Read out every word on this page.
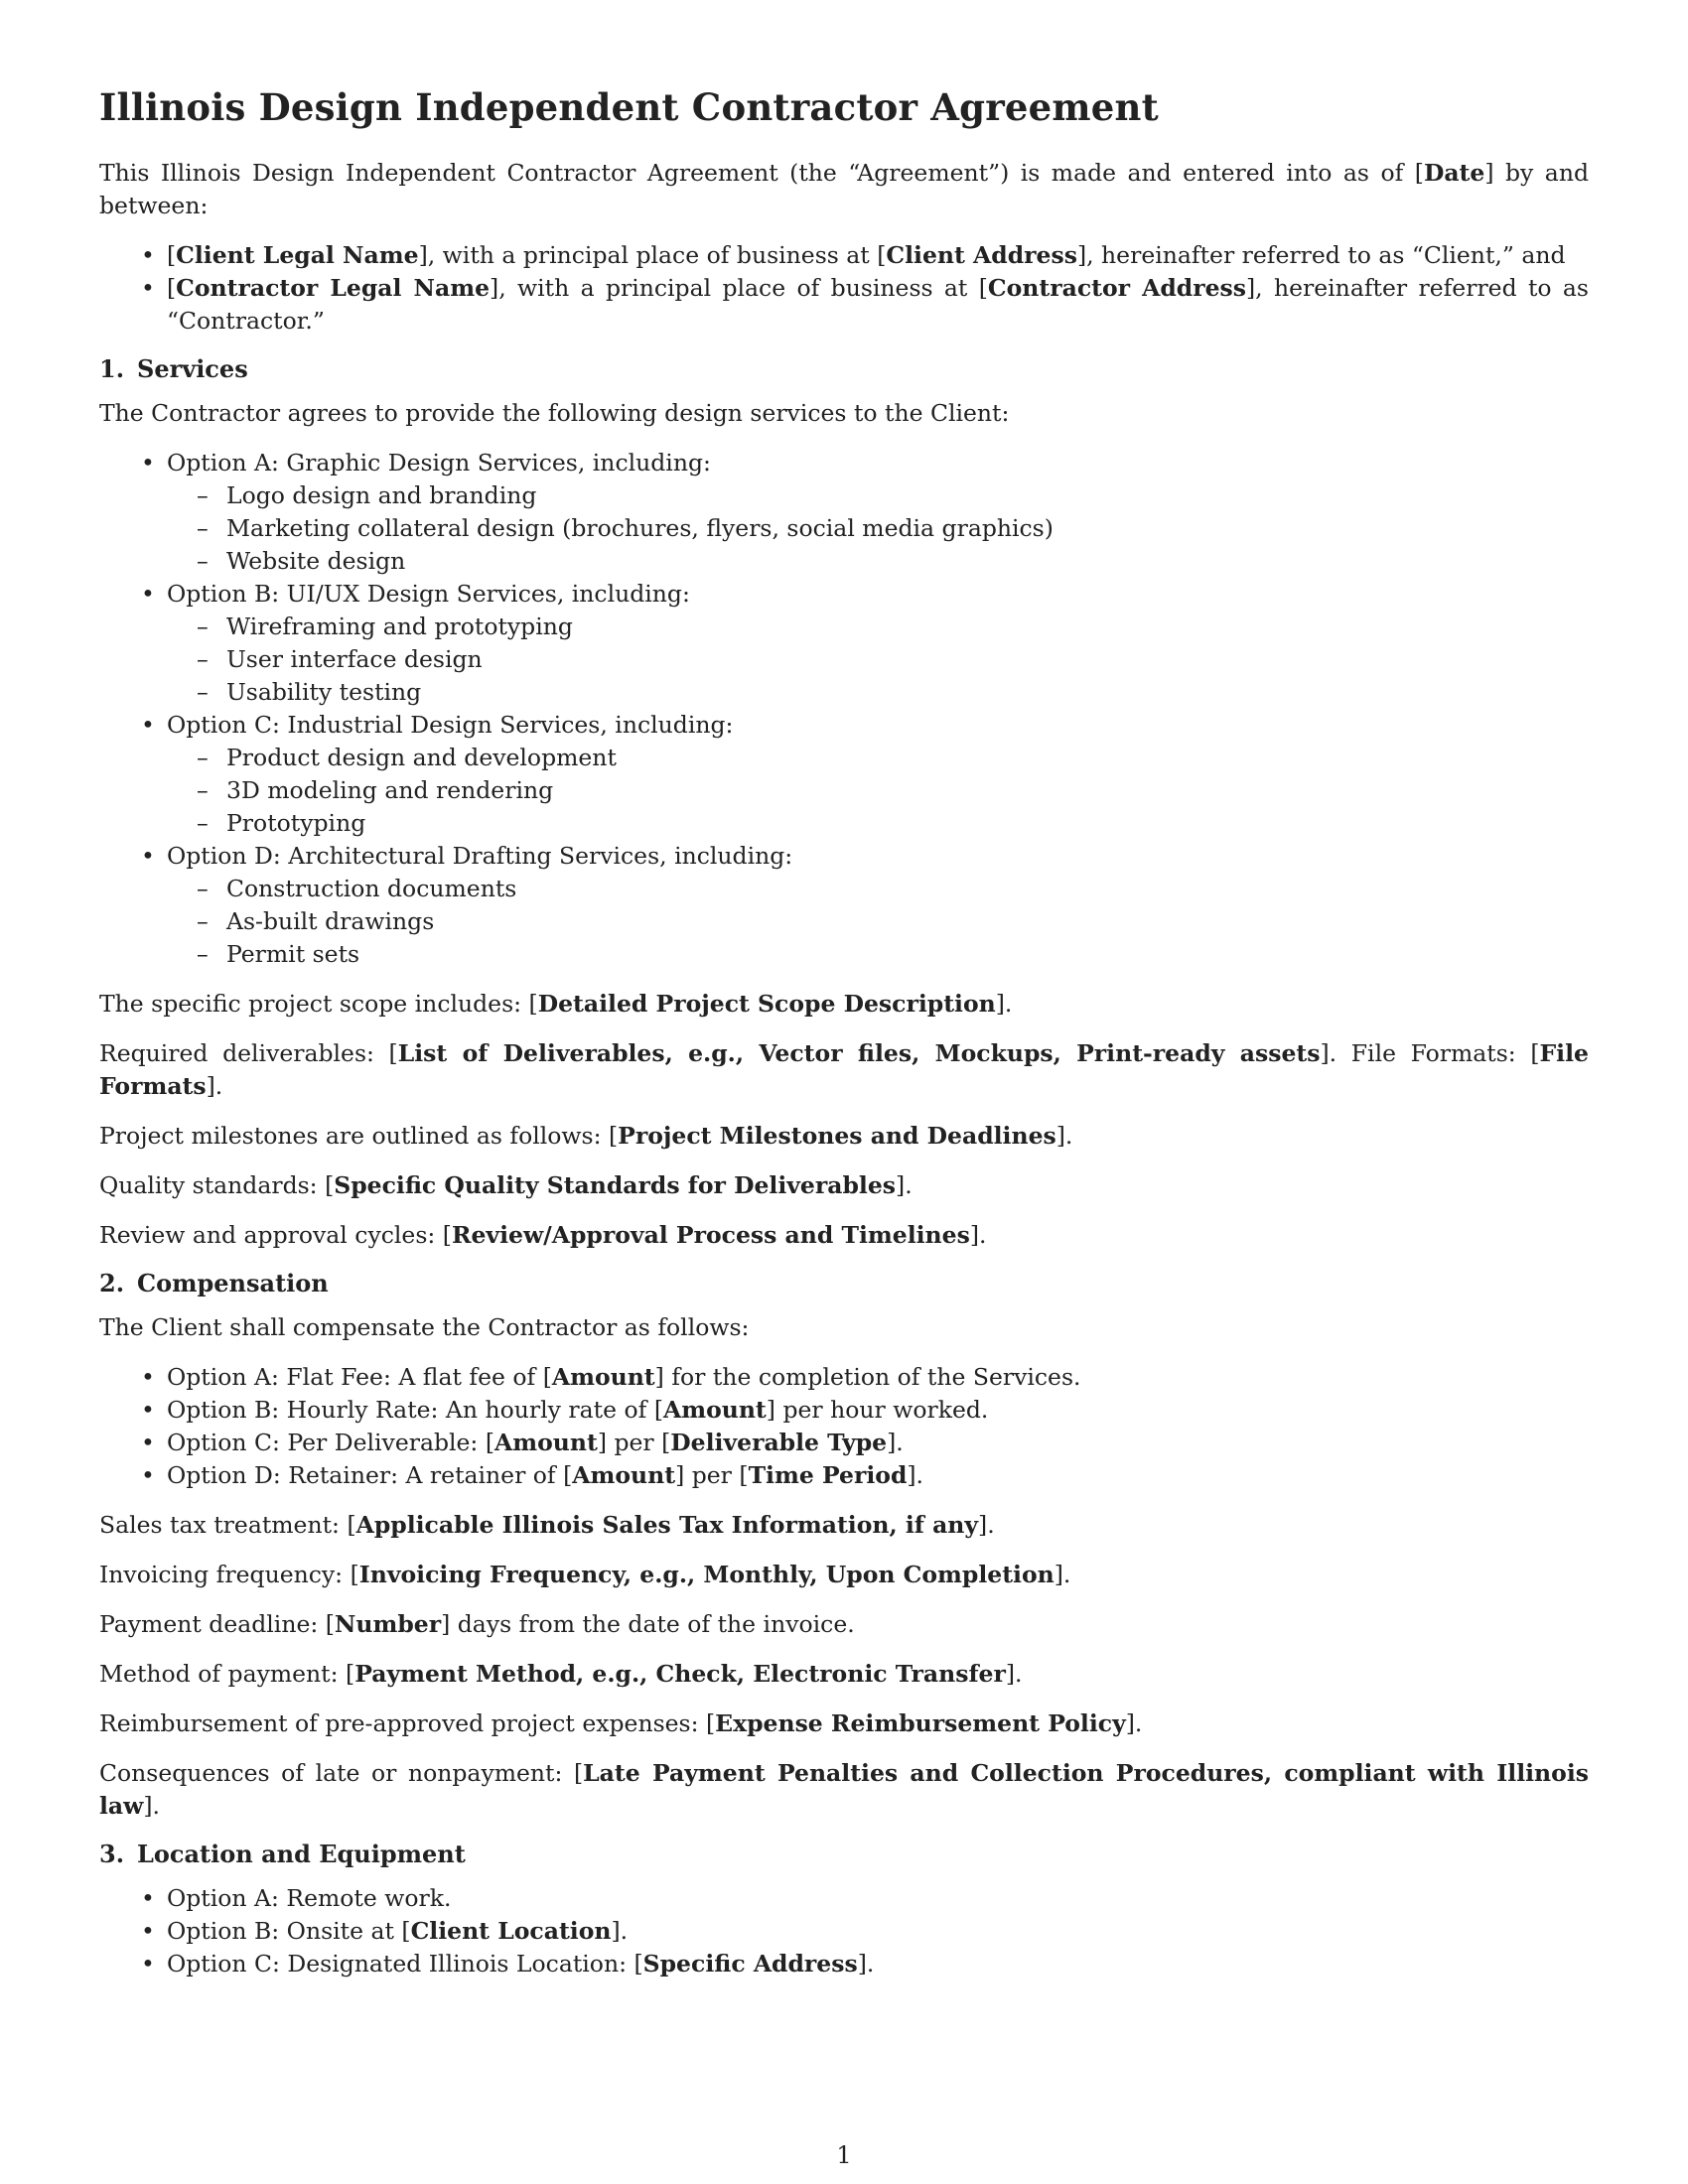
Illinois Design Independent Contractor Agreement

This Illinois Design Independent Contractor Agreement (the “Agreement”) is made and entered into as of [Date] by and between:

• [Client Legal Name], with a principal place of business at [Client Address], hereinafter referred to as “Client,” and
• [Contractor Legal Name], with a principal place of business at [Contractor Address], hereinafter referred to as “Contractor.”
1. Services

The Contractor agrees to provide the following design services to the Client:

• Option A: Graphic Design Services, including:
– Logo design and branding
– Marketing collateral design (brochures, flyers, social media graphics)
– Website design
• Option B: UI/UX Design Services, including:
– Wireframing and prototyping
– User interface design
– Usability testing
• Option C: Industrial Design Services, including:
– Product design and development
– 3D modeling and rendering
– Prototyping
• Option D: Architectural Drafting Services, including:
– Construction documents
– As-built drawings
– Permit sets

The specific project scope includes: [Detailed Project Scope Description].

Required deliverables: [List of Deliverables, e.g., Vector files, Mockups, Print-ready assets]. File Formats: [File Formats].

Project milestones are outlined as follows: [Project Milestones and Deadlines].

Quality standards: [Specific Quality Standards for Deliverables].

Review and approval cycles: [Review/Approval Process and Timelines].

2. Compensation

The Client shall compensate the Contractor as follows:

• Option A: Flat Fee: A flat fee of [Amount] for the completion of the Services.
• Option B: Hourly Rate: An hourly rate of [Amount] per hour worked.
• Option C: Per Deliverable: [Amount] per [Deliverable Type].
• Option D: Retainer: A retainer of [Amount] per [Time Period].

Sales tax treatment: [Applicable Illinois Sales Tax Information, if any].

Invoicing frequency: [Invoicing Frequency, e.g., Monthly, Upon Completion].

Payment deadline: [Number] days from the date of the invoice.

Method of payment: [Payment Method, e.g., Check, Electronic Transfer].

Reimbursement of pre-approved project expenses: [Expense Reimbursement Policy].

Consequences of late or nonpayment: [Late Payment Penalties and Collection Procedures, compliant with Illinois law].

3. Location and Equipment
• Option A: Remote work.
• Option B: Onsite at [Client Location].
• Option C: Designated Illinois Location: [Specific Address].
1
